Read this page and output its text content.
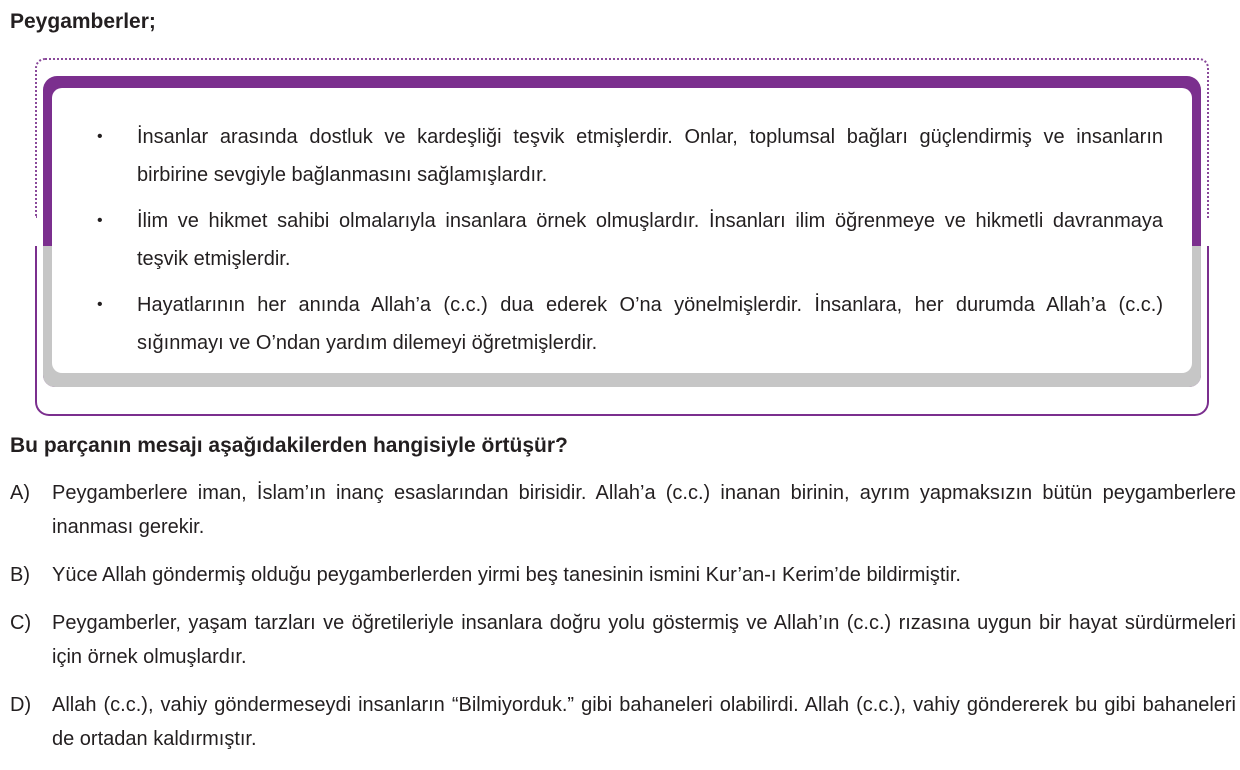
Peygamberler;
• İnsanlar arasında dostluk ve kardeşliği teşvik etmişlerdir. Onlar, toplumsal bağları güçlendirmiş ve insanların birbirine sevgiyle bağlanmasını sağlamışlardır.
• İlim ve hikmet sahibi olmalarıyla insanlara örnek olmuşlardır. İnsanları ilim öğrenmeye ve hikmetli davranmaya teşvik etmişlerdir.
• Hayatlarının her anında Allah’a (c.c.) dua ederek O’na yönelmişlerdir. İnsanlara, her durumda Allah’a (c.c.) sığınmayı ve O’ndan yardım dilemeyi öğretmişlerdir.
Bu parçanın mesajı aşağıdakilerden hangisiyle örtüşür?
A) Peygamberlere iman, İslam’ın inanç esaslarından birisidir. Allah’a (c.c.) inanan birinin, ayrım yapmaksızın bütün peygamberlere inanması gerekir.
B) Yüce Allah göndermiş olduğu peygamberlerden yirmi beş tanesinin ismini Kur’an-ı Kerim’de bildirmiştir.
C) Peygamberler, yaşam tarzları ve öğretileriyle insanlara doğru yolu göstermiş ve Allah’ın (c.c.) rızasına uygun bir hayat sürdürmeleri için örnek olmuşlardır.
D) Allah (c.c.), vahiy göndermeseydi insanların “Bilmiyorduk.” gibi bahaneleri olabilirdi. Allah (c.c.), vahiy göndererek bu gibi bahaneleri de ortadan kaldırmıştır.
